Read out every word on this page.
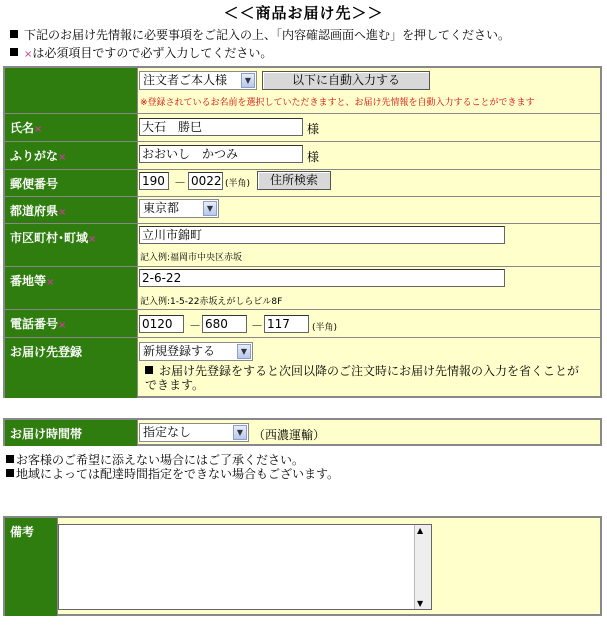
＜＜商品お届け先＞＞
下記のお届け先情報に必要事項をご記入の上、「内容確認画面へ進む」を押してください。
×は必須項目ですので必ず入力してください。
注文者ご本人様	▼	以下に自動入力する
※登録されているお名前を選択していただきますと、お届け先情報を自動入力することができます
氏名×	大石　勝巳	様
ふりがな×	おおいし　かつみ	様
郵便番号	190 － 0022 (半角)	住所検索
都道府県×	東京都	▼
市区町村･町域×	立川市錦町
記入例:福岡市中央区赤坂
番地等×	2-6-22
記入例:1-5-22赤坂えがしらビル8F
電話番号×	0120	－ 680	－ 117	(半角)
お届け先登録	新規登録する	▼
お届け先登録をすると次回以降のご注文時にお届け先情報の入力を省くことができます。
お届け時間帯	指定なし	▼ （西濃運輸）
お客様のご希望に添えない場合にはご了承ください。
地域によっては配達時間指定をできない場合もございます。
備考	▲
▼
